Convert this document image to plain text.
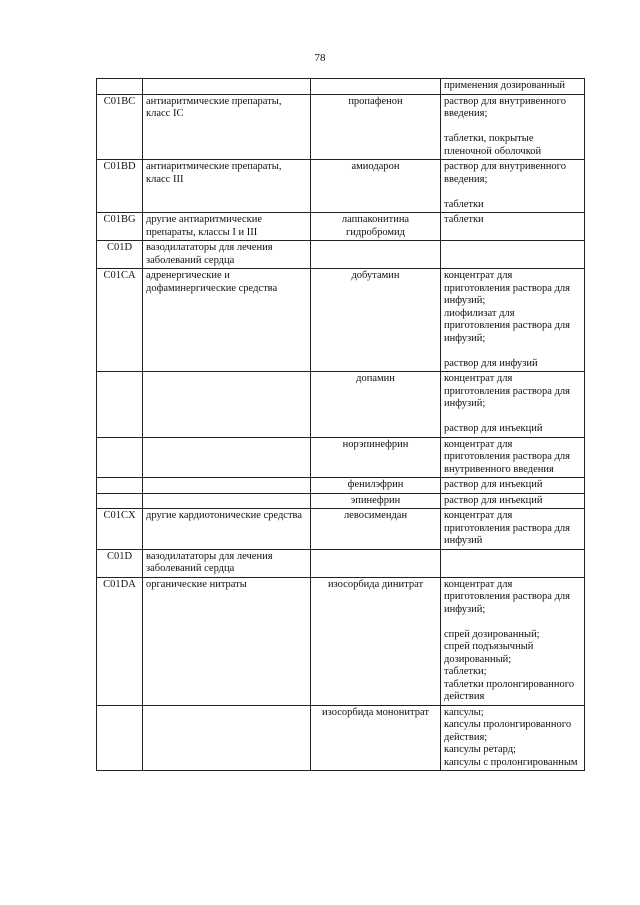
78

			применения дозированный

C01BC	антиаритмические препараты, класс IC	пропафенон	раствор для внутривенного введения;
таблетки, покрытые пленочной оболочкой

C01BD	антиаритмические препараты, класс III	амиодарон	раствор для внутривенного введения;
таблетки

C01BG	другие антиаритмические препараты, классы I и III	лаппаконитина гидробромид	таблетки

C01D	вазодилататоры для лечения заболеваний сердца		
C01CA	адренергические и дофаминергические средства	добутамин	концентрат для приготовления раствора для инфузий;
лиофилизат для приготовления раствора для инфузий;
раствор для инфузий

		допамин	концентрат для приготовления раствора для инфузий;
раствор для инъекций

		норэпинефрин	концентрат для приготовления раствора для внутривенного введения

		фенилэфрин	раствор для инъекций

		эпинефрин	раствор для инъекций

C01CX	другие кардиотонические средства	левосимендан	концентрат для приготовления раствора для инфузий

C01D	вазодилататоры для лечения заболеваний сердца		
C01DA	органические нитраты	изосорбида динитрат	концентрат для приготовления раствора для инфузий;
спрей дозированный;
спрей подъязычный дозированный;
таблетки;
таблетки пролонгированного действия

		изосорбида мононитрат	капсулы;
капсулы пролонгированного действия;
капсулы ретард;
капсулы с пролонгированным
